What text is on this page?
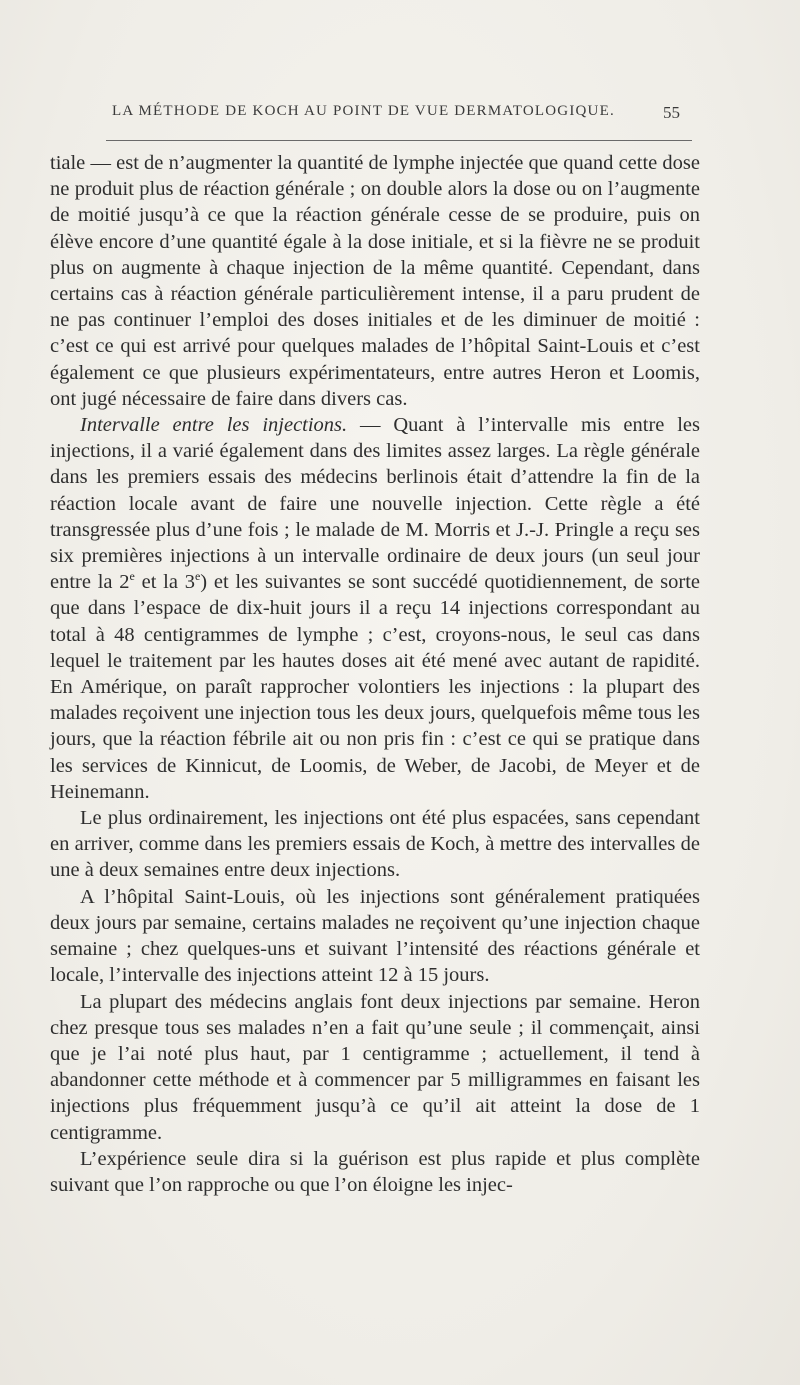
LA MÉTHODE DE KOCH AU POINT DE VUE DERMATOLOGIQUE.	55

tiale — est de n’augmenter la quantité de lymphe injectée que quand cette dose ne produit plus de réaction générale ; on double alors la dose ou on l’augmente de moitié jusqu’à ce que la réaction générale cesse de se produire, puis on élève encore d’une quantité égale à la dose initiale, et si la fièvre ne se produit plus on augmente à chaque injection de la même quantité. Cependant, dans certains cas à réaction générale particulièrement intense, il a paru prudent de ne pas continuer l’emploi des doses initiales et de les diminuer de moitié : c’est ce qui est arrivé pour quelques malades de l’hôpital Saint-Louis et c’est également ce que plusieurs expérimentateurs, entre autres Heron et Loomis, ont jugé nécessaire de faire dans divers cas.

Intervalle entre les injections. — Quant à l’intervalle mis entre les injections, il a varié également dans des limites assez larges. La règle générale dans les premiers essais des médecins berlinois était d’attendre la fin de la réaction locale avant de faire une nouvelle injection. Cette règle a été transgressée plus d’une fois ; le malade de M. Morris et J.-J. Pringle a reçu ses six premières injections à un intervalle ordinaire de deux jours (un seul jour entre la 2e et la 3e) et les suivantes se sont succédé quotidiennement, de sorte que dans l’espace de dix-huit jours il a reçu 14 injections correspondant au total à 48 centigrammes de lymphe ; c’est, croyons-nous, le seul cas dans lequel le traitement par les hautes doses ait été mené avec autant de rapidité. En Amérique, on paraît rapprocher volontiers les injections : la plupart des malades reçoivent une injection tous les deux jours, quelquefois même tous les jours, que la réaction fébrile ait ou non pris fin : c’est ce qui se pratique dans les services de Kinnicut, de Loomis, de Weber, de Jacobi, de Meyer et de Heinemann.

Le plus ordinairement, les injections ont été plus espacées, sans cependant en arriver, comme dans les premiers essais de Koch, à mettre des intervalles de une à deux semaines entre deux injections.

A l’hôpital Saint-Louis, où les injections sont généralement pratiquées deux jours par semaine, certains malades ne reçoivent qu’une injection chaque semaine ; chez quelques-uns et suivant l’intensité des réactions générale et locale, l’intervalle des injections atteint 12 à 15 jours.

La plupart des médecins anglais font deux injections par semaine. Heron chez presque tous ses malades n’en a fait qu’une seule ; il commençait, ainsi que je l’ai noté plus haut, par 1 centigramme ; actuellement, il tend à abandonner cette méthode et à commencer par 5 milligrammes en faisant les injections plus fréquemment jusqu’à ce qu’il ait atteint la dose de 1 centigramme.

L’expérience seule dira si la guérison est plus rapide et plus complète suivant que l’on rapproche ou que l’on éloigne les injec-
